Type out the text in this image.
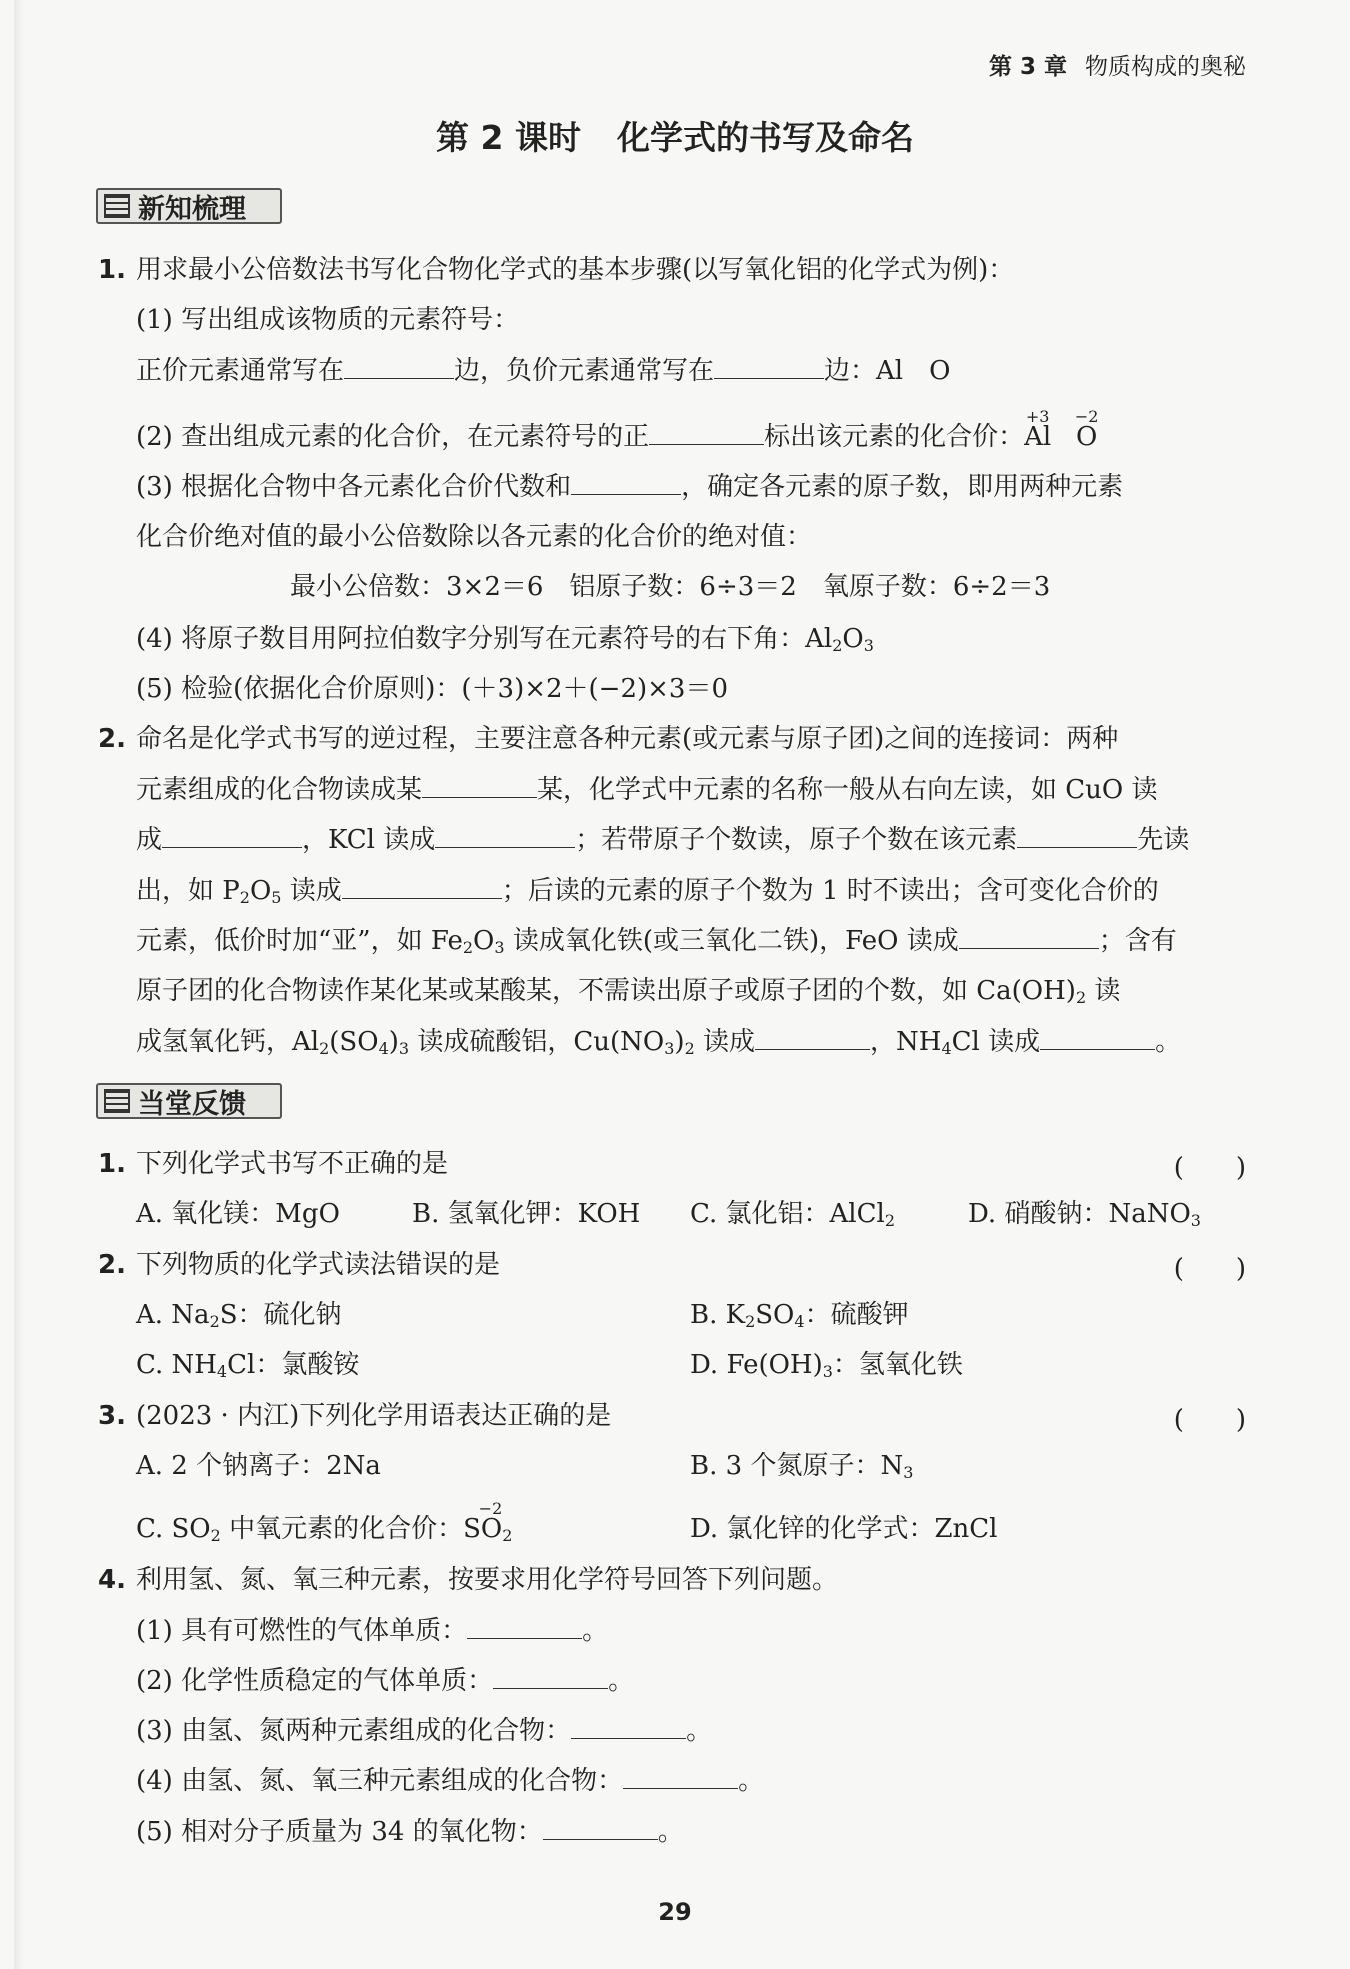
第 3 章 物质构成的奥秘
第 2 课时 化学式的书写及命名
新知梳理
1. 用求最小公倍数法书写化合物化学式的基本步骤(以写氧化铝的化学式为例)：
(1) 写出组成该物质的元素符号：
正价元素通常写在	边，负价元素通常写在	边：Al　O
(2) 查出组成元素的化合价，在元素符号的正	标出该元素的化合价：
+3
Al
−2
O
(3) 根据化合物中各元素化合价代数和	，确定各元素的原子数，即用两种元素
化合价绝对值的最小公倍数除以各元素的化合价的绝对值：
最小公倍数：3×2＝6　铝原子数：6÷3＝2　氧原子数：6÷2＝3
(4) 将原子数目用阿拉伯数字分别写在元素符号的右下角：$Al_2O_3$
(5) 检验(依据化合价原则)：(＋3)×2＋(−2)×3＝0
2. 命名是化学式书写的逆过程，主要注意各种元素(或元素与原子团)之间的连接词：两种
元素组成的化合物读成某	某，化学式中元素的名称一般从右向左读，如 CuO 读
成	，KCl 读成	；若带原子个数读，原子个数在该元素	先读
出，如 $P_2O_5$ 读成	；后读的元素的原子个数为 1 时不读出；含可变化合价的
元素，低价时加“亚”，如 $Fe_2O_3$ 读成氧化铁(或三氧化二铁)，FeO 读成	；含有
原子团的化合物读作某化某或某酸某，不需读出原子或原子团的个数，如 $Ca(OH)_2$ 读
成氢氧化钙，$Al_2(SO_4)_3$ 读成硫酸铝，$Cu(NO_3)_2$ 读成	，$NH_4Cl$ 读成	。
当堂反馈
1. 下列化学式书写不正确的是	(　　)
A. 氧化镁：MgO	B. 氢氧化钾：KOH C. 氯化铝：AlCl$_2$	D. 硝酸钠：NaNO$_3$
2. 下列物质的化学式读法错误的是	(　　)
A. $Na_2S$：硫化钠	B. $K_2SO_4$：硫酸钾
C. $NH_4Cl$：氯酸铵	D. $Fe(OH)_3$：氢氧化铁
3. (2023 · 内江)下列化学用语表达正确的是	(　　)
A. 2 个钠离子：2Na	B. 3 个氮原子：$N_3$
C. $SO_2$ 中氧元素的化合价：
−2
$SO_2$	D. 氯化锌的化学式：ZnCl
4. 利用氢、氮、氧三种元素，按要求用化学符号回答下列问题。
(1) 具有可燃性的气体单质：	。
(2) 化学性质稳定的气体单质：	。
(3) 由氢、氮两种元素组成的化合物：	。
(4) 由氢、氮、氧三种元素组成的化合物：	。
(5) 相对分子质量为 34 的氧化物：	。
29
